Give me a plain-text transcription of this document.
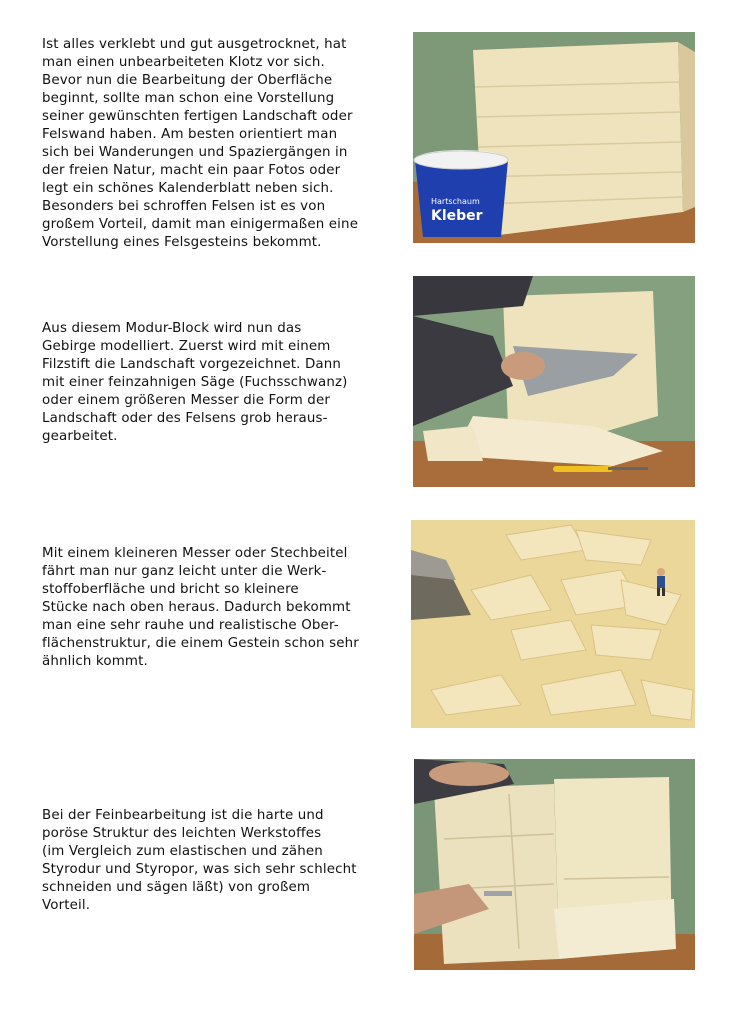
Ist alles verklebt und gut ausgetrocknet, hat
man einen unbearbeiteten Klotz vor sich.
Bevor nun die Bearbeitung der Oberfläche
beginnt, sollte man schon eine Vorstellung
seiner gewünschten fertigen Landschaft oder
Felswand haben. Am besten orientiert man
sich bei Wanderungen und Spaziergängen in
der freien Natur, macht ein paar Fotos oder
legt ein schönes Kalenderblatt neben sich.
Besonders bei schroffen Felsen ist es von
großem Vorteil, damit man einigermaßen eine
Vorstellung eines Felsgesteins bekommt.

Hartschaum
Kleber

Aus diesem Modur-Block wird nun das
Gebirge modelliert. Zuerst wird mit einem
Filzstift die Landschaft vorgezeichnet. Dann
mit einer feinzahnigen Säge (Fuchsschwanz)
oder einem größeren Messer die Form der
Landschaft oder des Felsens grob heraus-
gearbeitet.

Mit einem kleineren Messer oder Stechbeitel
fährt man nur ganz leicht unter die Werk-
stoffoberfläche und bricht so kleinere
Stücke nach oben heraus. Dadurch bekommt
man eine sehr rauhe und realistische Ober-
flächenstruktur, die einem Gestein schon sehr
ähnlich kommt.

Bei der Feinbearbeitung ist die harte und
poröse Struktur des leichten Werkstoffes
(im Vergleich zum elastischen und zähen
Styrodur und Styropor, was sich sehr schlecht
schneiden und sägen läßt) von großem
Vorteil.
